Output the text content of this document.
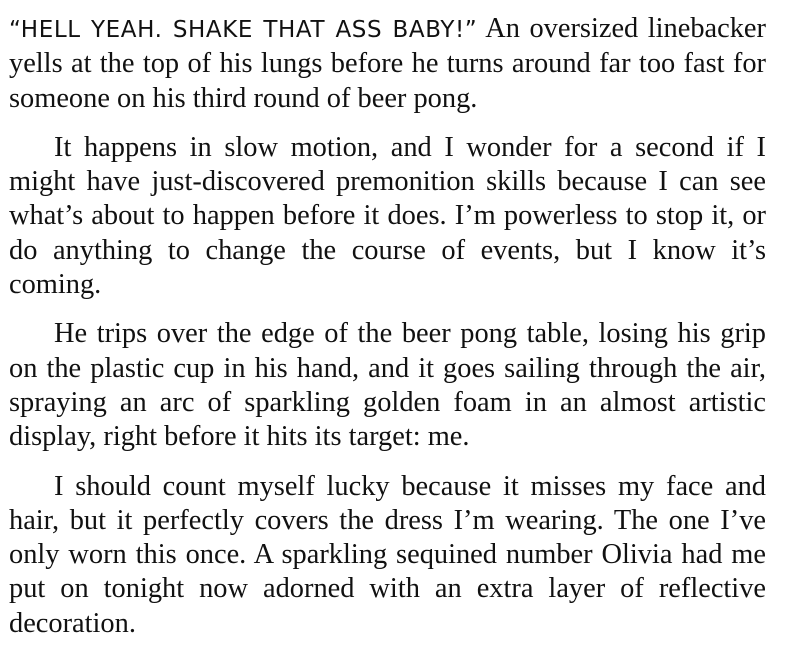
“HELL YEAH. SHAKE THAT ASS BABY!” An oversized linebacker yells at the top of his lungs before he turns around far too fast for someone on his third round of beer pong.

It happens in slow motion, and I wonder for a second if I might have just-discovered premonition skills because I can see what’s about to happen before it does. I’m powerless to stop it, or do anything to change the course of events, but I know it’s coming.

He trips over the edge of the beer pong table, losing his grip on the plastic cup in his hand, and it goes sailing through the air, spraying an arc of sparkling golden foam in an almost artistic display, right before it hits its target: me.

I should count myself lucky because it misses my face and hair, but it perfectly covers the dress I’m wearing. The one I’ve only worn this once. A sparkling sequined number Olivia had me put on tonight now adorned with an extra layer of reflective decoration.
